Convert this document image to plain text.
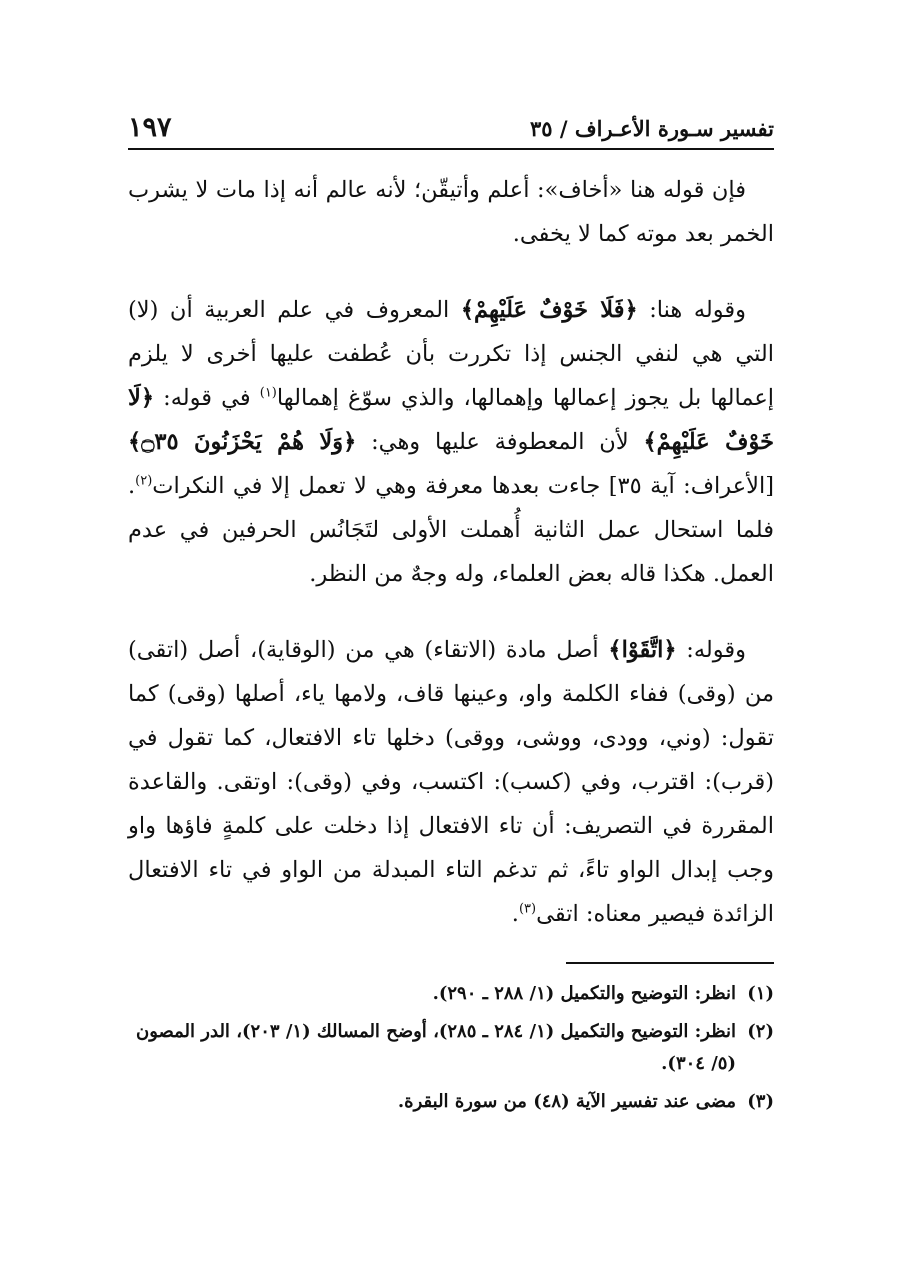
تفسير سـورة الأعـراف / ٣٥
١٩٧

فإن قوله هنا «أخاف»: أعلم وأتيقّن؛ لأنه عالم أنه إذا مات لا يشرب الخمر بعد موته كما لا يخفى.

وقوله هنا: ﴿فَلَا خَوْفٌ عَلَيْهِمْ﴾ المعروف في علم العربية أن (لا) التي هي لنفي الجنس إذا تكررت بأن عُطفت عليها أخرى لا يلزم إعمالها بل يجوز إعمالها وإهمالها، والذي سوّغ إهمالها$^{(١)}$ في قوله: ﴿لَا خَوْفٌ عَلَيْهِمْ﴾ لأن المعطوفة عليها وهي: ﴿وَلَا هُمْ يَحْزَنُونَ ۝٣٥﴾ [الأعراف: آية ٣٥] جاءت بعدها معرفة وهي لا تعمل إلا في النكرات$^{(٢)}$. فلما استحال عمل الثانية أُهملت الأولى لتَجَانُس الحرفين في عدم العمل. هكذا قاله بعض العلماء، وله وجهٌ من النظر.

وقوله: ﴿اتَّقَوْا﴾ أصل مادة (الاتقاء) هي من (الوقاية)، أصل (اتقى) من (وقى) ففاء الكلمة واو، وعينها قاف، ولامها ياء، أصلها (وقى) كما تقول: (وني، وودى، ووشى، ووقى) دخلها تاء الافتعال، كما تقول في (قرب): اقترب، وفي (كسب): اكتسب، وفي (وقى): اوتقى. والقاعدة المقررة في التصريف: أن تاء الافتعال إذا دخلت على كلمةٍ فاؤها واو وجب إبدال الواو تاءً، ثم تدغم التاء المبدلة من الواو في تاء الافتعال الزائدة فيصير معناه: اتقى$^{(٣)}$.

(١)
انظر: التوضيح والتكميل (١/ ٢٨٨ ـ ٢٩٠).
(٢)
انظر: التوضيح والتكميل (١/ ٢٨٤ ـ ٢٨٥)، أوضح المسالك (١/ ٢٠٣)، الدر المصون (٥/ ٣٠٤).
(٣)
مضى عند تفسير الآية (٤٨) من سورة البقرة.
